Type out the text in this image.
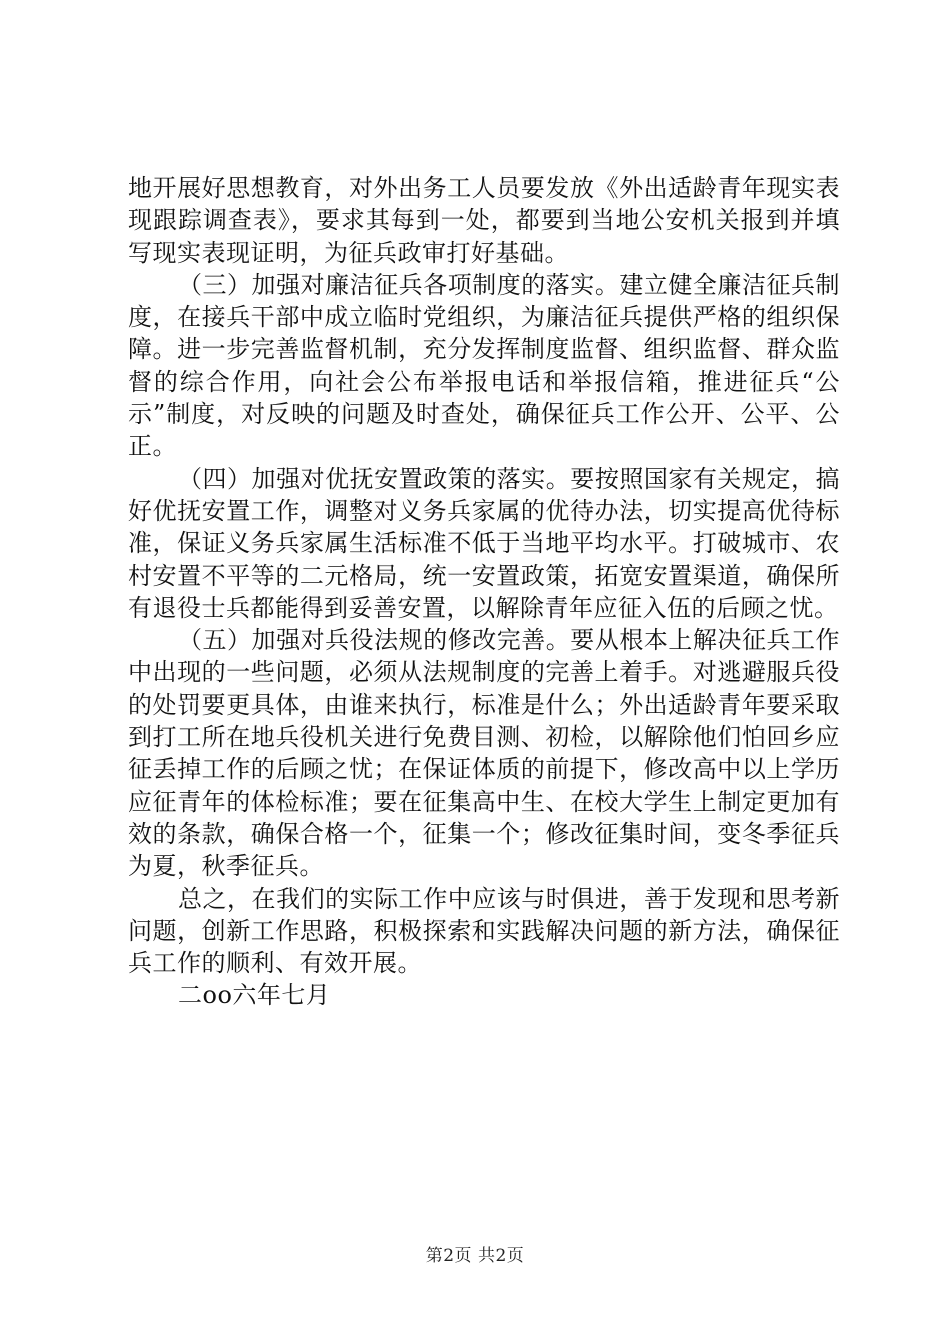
地开展好思想教育，对外出务工人员要发放《外出适龄青年现实表现跟踪调查表》，要求其每到一处，都要到当地公安机关报到并填写现实表现证明，为征兵政审打好基础。

（三）加强对廉洁征兵各项制度的落实。建立健全廉洁征兵制度，在接兵干部中成立临时党组织，为廉洁征兵提供严格的组织保障。进一步完善监督机制，充分发挥制度监督、组织监督、群众监督的综合作用，向社会公布举报电话和举报信箱，推进征兵“公示”制度，对反映的问题及时查处，确保征兵工作公开、公平、公正。

（四）加强对优抚安置政策的落实。要按照国家有关规定，搞好优抚安置工作，调整对义务兵家属的优待办法，切实提高优待标准，保证义务兵家属生活标准不低于当地平均水平。打破城市、农村安置不平等的二元格局，统一安置政策，拓宽安置渠道，确保所有退役士兵都能得到妥善安置，以解除青年应征入伍的后顾之忧。

（五）加强对兵役法规的修改完善。要从根本上解决征兵工作中出现的一些问题，必须从法规制度的完善上着手。对逃避服兵役的处罚要更具体，由谁来执行，标准是什么；外出适龄青年要采取到打工所在地兵役机关进行免费目测、初检，以解除他们怕回乡应征丢掉工作的后顾之忧；在保证体质的前提下，修改高中以上学历应征青年的体检标准；要在征集高中生、在校大学生上制定更加有效的条款，确保合格一个，征集一个；修改征集时间，变冬季征兵为夏，秋季征兵。

总之，在我们的实际工作中应该与时俱进，善于发现和思考新问题，创新工作思路，积极探索和实践解决问题的新方法，确保征兵工作的顺利、有效开展。

二oo六年七月

第2页 共2页
